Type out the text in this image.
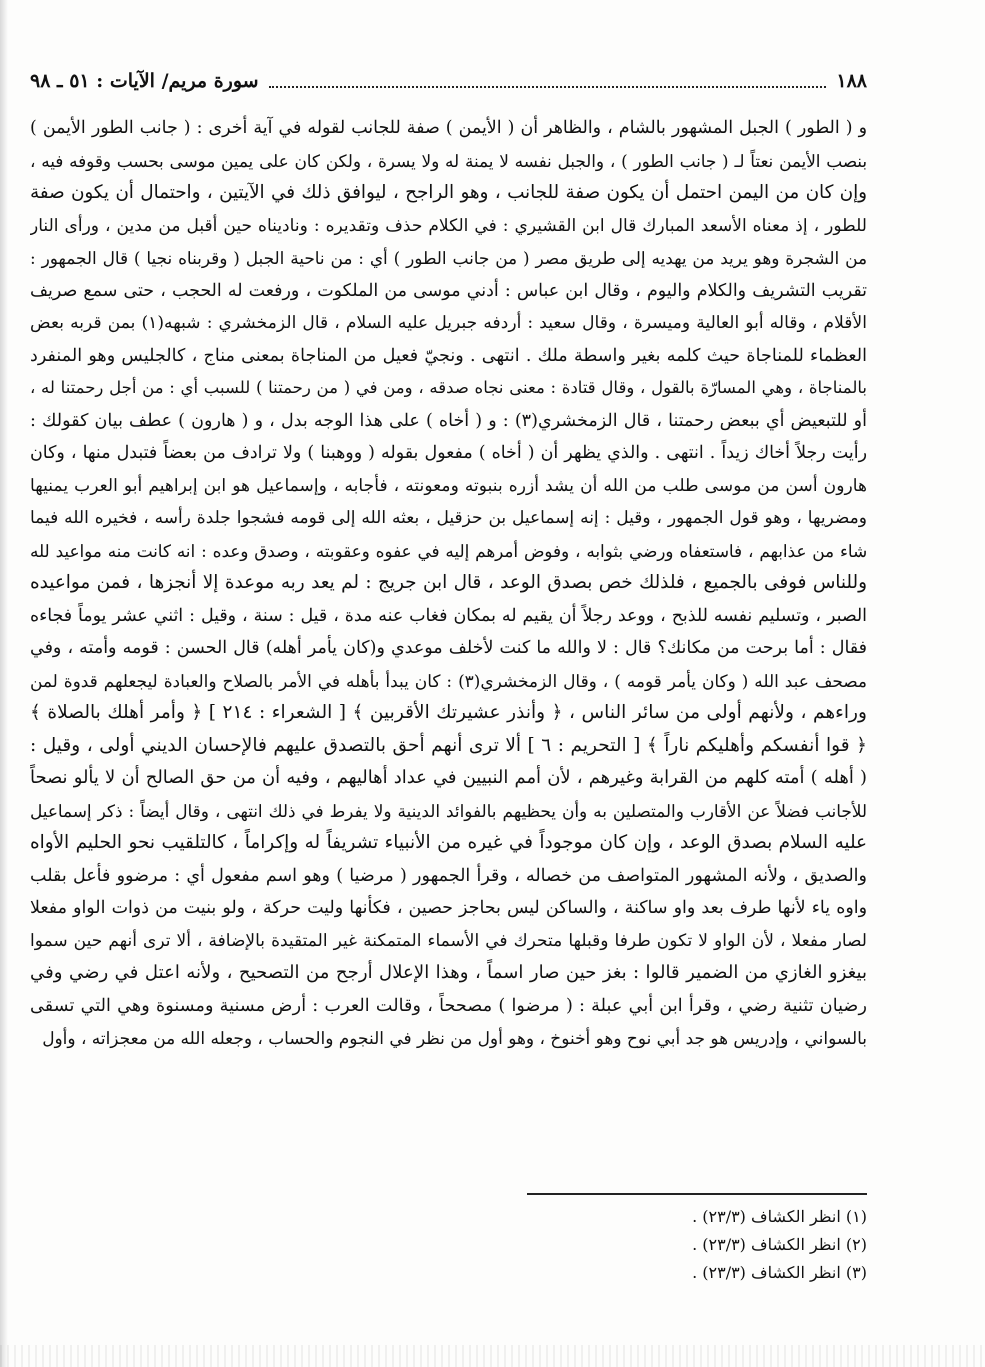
١٨٨
سورة مريم/ الآيات : ٥١ ـ ٩٨
و ( الطور ) الجبل المشهور بالشام ، والظاهر أن ( الأيمن ) صفة للجانب لقوله في آية أخرى : ( جانب الطور الأيمن )
بنصب الأيمن نعتاً لـ ( جانب الطور ) ، والجبل نفسه لا يمنة له ولا يسرة ، ولكن كان على يمين موسى بحسب وقوفه فيه ،
وإن كان من اليمن احتمل أن يكون صفة للجانب ، وهو الراجح ، ليوافق ذلك في الآيتين ، واحتمال أن يكون صفة
للطور ، إذ معناه الأسعد المبارك قال ابن القشيري : في الكلام حذف وتقديره : وناديناه حين أقبل من مدين ، ورأى النار
من الشجرة وهو يريد من يهديه إلى طريق مصر ( من جانب الطور ) أي : من ناحية الجبل ( وقربناه نجيا ) قال الجمهور :
تقريب التشريف والكلام واليوم ، وقال ابن عباس : أدني موسى من الملكوت ، ورفعت له الحجب ، حتى سمع صريف
الأقلام ، وقاله أبو العالية وميسرة ، وقال سعيد : أردفه جبريل عليه السلام ، قال الزمخشري : شبهه(١) بمن قربه بعض
العظماء للمناجاة حيث كلمه بغير واسطة ملك . انتهى . ونجيّ فعيل من المناجاة بمعنى مناج ، كالجليس وهو المنفرد
بالمناجاة ، وهي المسارّة بالقول ، وقال قتادة : معنى نجاه صدقه ، ومن في ( من رحمتنا ) للسبب أي : من أجل رحمتنا له ،
أو للتبعيض أي ببعض رحمتنا ، قال الزمخشري(٣) : و ( أخاه ) على هذا الوجه بدل ، و ( هارون ) عطف بيان كقولك :
رأيت رجلاً أخاك زيداً . انتهى . والذي يظهر أن ( أخاه ) مفعول بقوله ( ووهبنا ) ولا ترادف من بعضاً فتبدل منها ، وكان
هارون أسن من موسى طلب من الله أن يشد أزره بنبوته ومعونته ، فأجابه ، وإسماعيل هو ابن إبراهيم أبو العرب يمنيها
ومضريها ، وهو قول الجمهور ، وقيل : إنه إسماعيل بن حزقيل ، بعثه الله إلى قومه فشجوا جلدة رأسه ، فخيره الله فيما
شاء من عذابهم ، فاستعفاه ورضي بثوابه ، وفوض أمرهم إليه في عفوه وعقوبته ، وصدق وعده : انه كانت منه مواعيد لله
وللناس فوفى بالجميع ، فلذلك خص بصدق الوعد ، قال ابن جريج : لم يعد ربه موعدة إلا أنجزها ، فمن مواعيده
الصبر ، وتسليم نفسه للذبح ، ووعد رجلاً أن يقيم له بمكان فغاب عنه مدة ، قيل : سنة ، وقيل : اثني عشر يوماً فجاءه
فقال : أما برحت من مكانك؟ قال : لا والله ما كنت لأخلف موعدي و(كان يأمر أهله) قال الحسن : قومه وأمته ، وفي
مصحف عبد الله ( وكان يأمر قومه ) ، وقال الزمخشري(٣) : كان يبدأ بأهله في الأمر بالصلاح والعبادة ليجعلهم قدوة لمن
وراءهم ، ولأنهم أولى من سائر الناس ، ﴿ وأنذر عشيرتك الأقربين ﴾ [ الشعراء : ٢١٤ ] ﴿ وأمر أهلك بالصلاة ﴾
﴿ قوا أنفسكم وأهليكم ناراً ﴾ [ التحريم : ٦ ] ألا ترى أنهم أحق بالتصدق عليهم فالإحسان الديني أولى ، وقيل :
( أهله ) أمته كلهم من القرابة وغيرهم ، لأن أمم النبيين في عداد أهاليهم ، وفيه أن من حق الصالح أن لا يألو نصحاً
للأجانب فضلاً عن الأقارب والمتصلين به وأن يحظيهم بالفوائد الدينية ولا يفرط في ذلك انتهى ، وقال أيضاً : ذكر إسماعيل
عليه السلام بصدق الوعد ، وإن كان موجوداً في غيره من الأنبياء تشريفاً له وإكراماً ، كالتلقيب نحو الحليم الأواه
والصديق ، ولأنه المشهور المتواصف من خصاله ، وقرأ الجمهور ( مرضيا ) وهو اسم مفعول أي : مرضوو فأعل بقلب
واوه ياء لأنها طرف بعد واو ساكنة ، والساكن ليس بحاجز حصين ، فكأنها وليت حركة ، ولو بنيت من ذوات الواو مفعلا
لصار مفعلا ، لأن الواو لا تكون طرفا وقبلها متحرك في الأسماء المتمكنة غير المتقيدة بالإضافة ، ألا ترى أنهم حين سموا
بيغزو الغازي من الضمير قالوا : بغز حين صار اسماً ، وهذا الإعلال أرجح من التصحيح ، ولأنه اعتل في رضي وفي
رضيان تثنية رضي ، وقرأ ابن أبي عبلة : ( مرضوا ) مصححاً ، وقالت العرب : أرض مسنية ومسنوة وهي التي تسقى
بالسواني ، وإدريس هو جد أبي نوح وهو أخنوخ ، وهو أول من نظر في النجوم والحساب ، وجعله الله من معجزاته ، وأول
(١) انظر الكشاف (٢٣/٣) .
(٢) انظر الكشاف (٢٣/٣) .
(٣) انظر الكشاف (٢٣/٣) .
